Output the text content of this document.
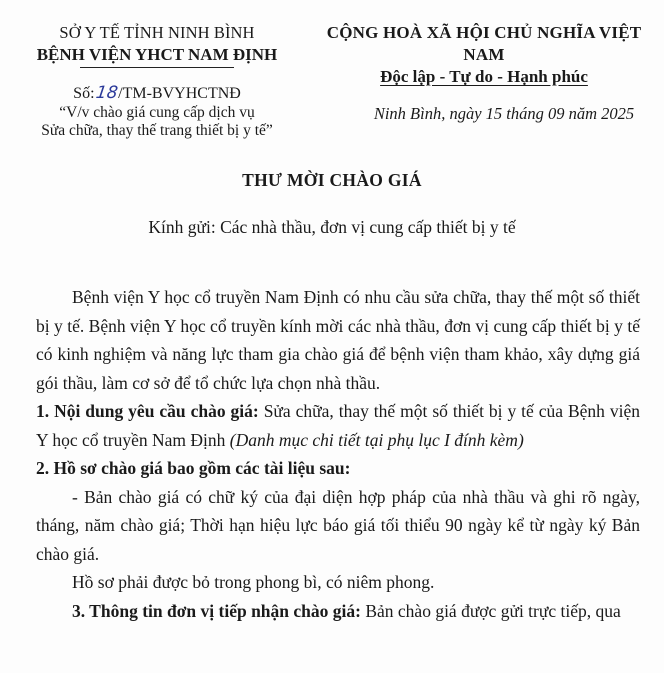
SỞ Y TẾ TỈNH NINH BÌNH
BỆNH VIỆN YHCT NAM ĐỊNH
Số:18/TM-BVYHCTNĐ
“V/v chào giá cung cấp dịch vụ
Sửa chữa, thay thế trang thiết bị y tế”
CỘNG HOÀ XÃ HỘI CHỦ NGHĨA VIỆT NAM
Độc lập - Tự do - Hạnh phúc
Ninh Bình, ngày 15 tháng 09 năm 2025
THƯ MỜI CHÀO GIÁ
Kính gửi: Các nhà thầu, đơn vị cung cấp thiết bị y tế

Bệnh viện Y học cổ truyền Nam Định có nhu cầu sửa chữa, thay thế một số thiết bị y tế. Bệnh viện Y học cổ truyền kính mời các nhà thầu, đơn vị cung cấp thiết bị y tế có kinh nghiệm và năng lực tham gia chào giá để bệnh viện tham khảo, xây dựng giá gói thầu, làm cơ sở để tổ chức lựa chọn nhà thầu.

1. Nội dung yêu cầu chào giá: Sửa chữa, thay thế một số thiết bị y tế của Bệnh viện Y học cổ truyền Nam Định (Danh mục chi tiết tại phụ lục I đính kèm)

2. Hồ sơ chào giá bao gồm các tài liệu sau:

- Bản chào giá có chữ ký của đại diện hợp pháp của nhà thầu và ghi rõ ngày, tháng, năm chào giá; Thời hạn hiệu lực báo giá tối thiểu 90 ngày kể từ ngày ký Bản chào giá.

Hồ sơ phải được bỏ trong phong bì, có niêm phong.

3. Thông tin đơn vị tiếp nhận chào giá: Bản chào giá được gửi trực tiếp, qua
